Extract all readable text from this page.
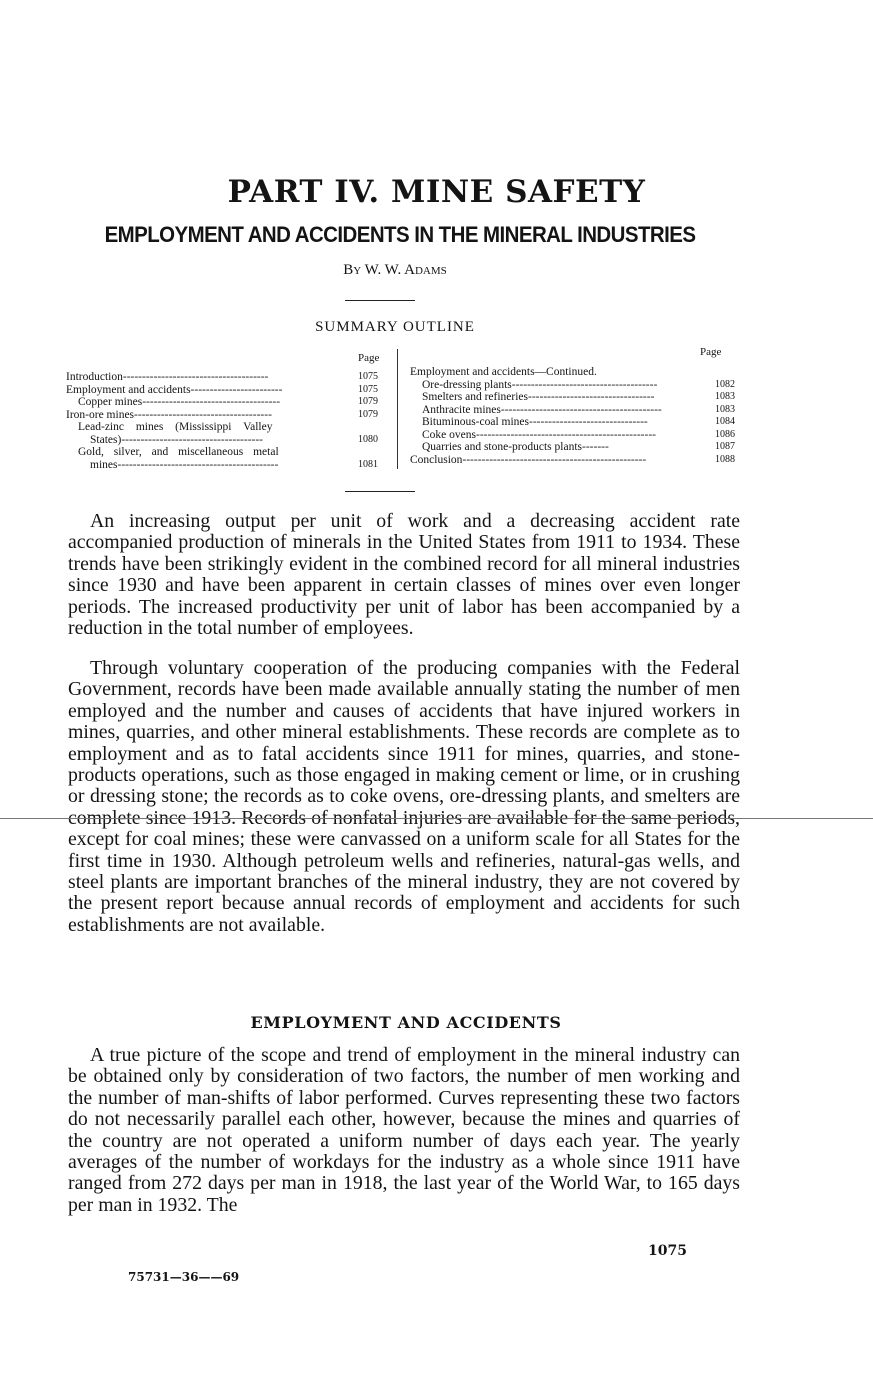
PART IV. MINE SAFETY
EMPLOYMENT AND ACCIDENTS IN THE MINERAL INDUSTRIES
By W. W. Adams
SUMMARY OUTLINE
Page
Introduction--------------------------------------	1075
Employment and accidents------------------------	1075
Copper mines------------------------------------	1079
Iron-ore mines------------------------------------	1079
Lead-zinc mines (Mississippi Valley
States)-------------------------------------	1080
Gold, silver, and miscellaneous metal
mines------------------------------------------	1081
Page
Employment and accidents—Continued.
Ore-dressing plants--------------------------------------	1082
Smelters and refineries---------------------------------	1083
Anthracite mines------------------------------------------	1083
Bituminous-coal mines-------------------------------	1084
Coke ovens-----------------------------------------------	1086
Quarries and stone-products plants-------	1087
Conclusion------------------------------------------------	1088

An increasing output per unit of work and a decreasing accident rate accompanied production of minerals in the United States from 1911 to 1934. These trends have been strikingly evident in the combined record for all mineral industries since 1930 and have been apparent in certain classes of mines over even longer periods. The increased productivity per unit of labor has been accompanied by a reduction in the total number of employees.

Through voluntary cooperation of the producing companies with the Federal Government, records have been made available annually stating the number of men employed and the number and causes of accidents that have injured workers in mines, quarries, and other mineral establishments. These records are complete as to employment and as to fatal accidents since 1911 for mines, quarries, and stone-products operations, such as those engaged in making cement or lime, or in crushing or dressing stone; the records as to coke ovens, ore-dressing plants, and smelters are complete since 1913. Records of nonfatal injuries are available for the same periods, except for coal mines; these were canvassed on a uniform scale for all States for the first time in 1930. Although petroleum wells and refineries, natural-gas wells, and steel plants are important branches of the mineral industry, they are not covered by the present report because annual records of employment and accidents for such establishments are not available.

EMPLOYMENT AND ACCIDENTS

A true picture of the scope and trend of employment in the mineral industry can be obtained only by consideration of two factors, the number of men working and the number of man-shifts of labor performed. Curves representing these two factors do not necessarily parallel each other, however, because the mines and quarries of the country are not operated a uniform number of days each year. The yearly averages of the number of workdays for the industry as a whole since 1911 have ranged from 272 days per man in 1918, the last year of the World War, to 165 days per man in 1932. The

1075
75731—36——69
